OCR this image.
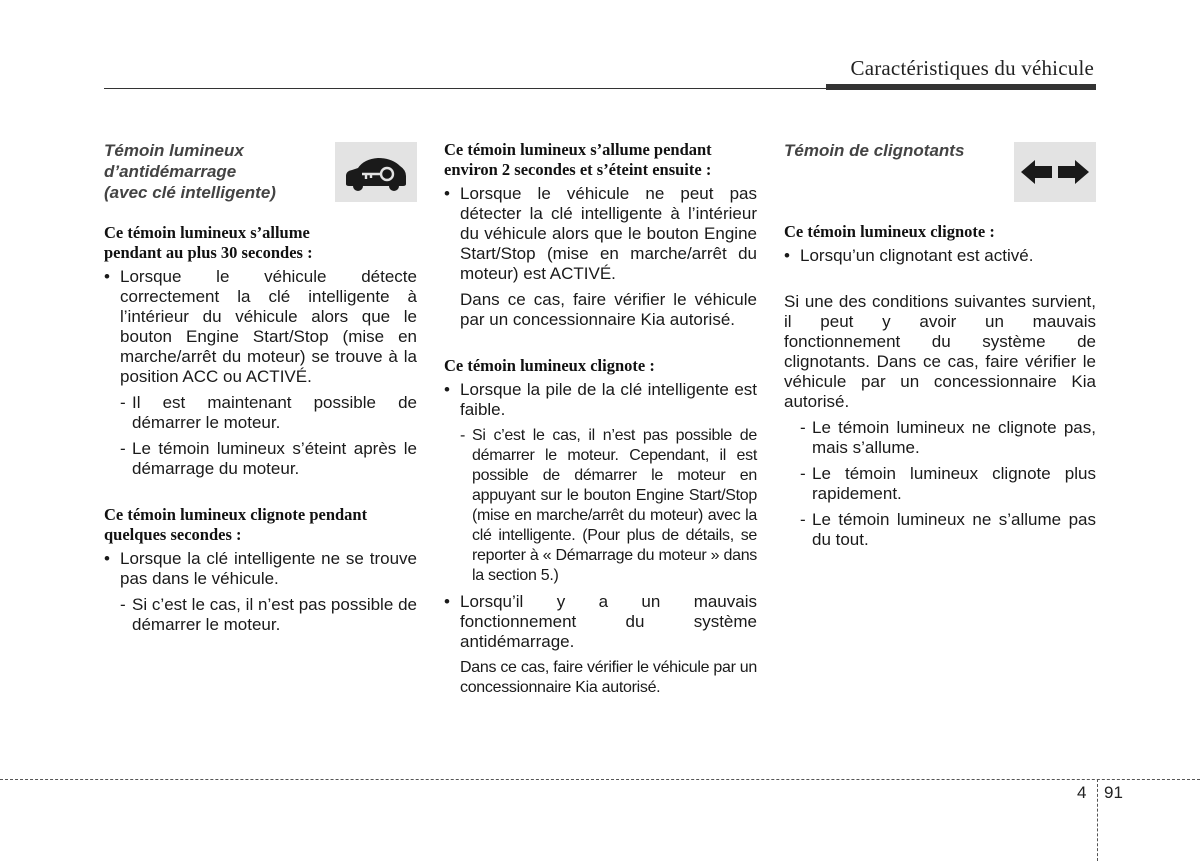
Caractéristiques du véhicule
Témoin lumineux
d’antidémarrage
(avec clé intelligente)
Ce témoin lumineux s’allume
pendant au plus 30 secondes :
• Lorsque le véhicule détecte correctement la clé intelligente à l’intérieur du véhicule alors que le bouton Engine Start/Stop (mise en marche/arrêt du moteur) se trouve à la position ACC ou ACTIVÉ.
- Il est maintenant possible de démarrer le moteur.
- Le témoin lumineux s’éteint après le démarrage du moteur.
Ce témoin lumineux clignote pendant
quelques secondes :
• Lorsque la clé intelligente ne se trouve pas dans le véhicule.
- Si c’est le cas, il n’est pas possible de démarrer le moteur.
Ce témoin lumineux s’allume pendant
environ 2 secondes et s’éteint ensuite :
• Lorsque le véhicule ne peut pas détecter la clé intelligente à l’intérieur du véhicule alors que le bouton Engine Start/Stop (mise en marche/arrêt du moteur) est ACTIVÉ.
Dans ce cas, faire vérifier le véhicule par un concessionnaire Kia autorisé.
Ce témoin lumineux clignote :
• Lorsque la pile de la clé intelligente est faible.
- Si c’est le cas, il n’est pas possible de démarrer le moteur. Cependant, il est possible de démarrer le moteur en appuyant sur le bouton Engine Start/Stop (mise en marche/arrêt du moteur) avec la clé intelligente. (Pour plus de détails, se reporter à « Démarrage du moteur » dans la section 5.)
• Lorsqu’il y a un mauvais fonctionnement du système antidémarrage.
Dans ce cas, faire vérifier le véhicule par un concessionnaire Kia autorisé.
Témoin de clignotants
Ce témoin lumineux clignote :
• Lorsqu’un clignotant est activé.
Si une des conditions suivantes survient, il peut y avoir un mauvais fonctionnement du système de clignotants. Dans ce cas, faire vérifier le véhicule par un concessionnaire Kia autorisé.
- Le témoin lumineux ne clignote pas, mais s’allume.
- Le témoin lumineux clignote plus rapidement.
- Le témoin lumineux ne s’allume pas du tout.
4 91
